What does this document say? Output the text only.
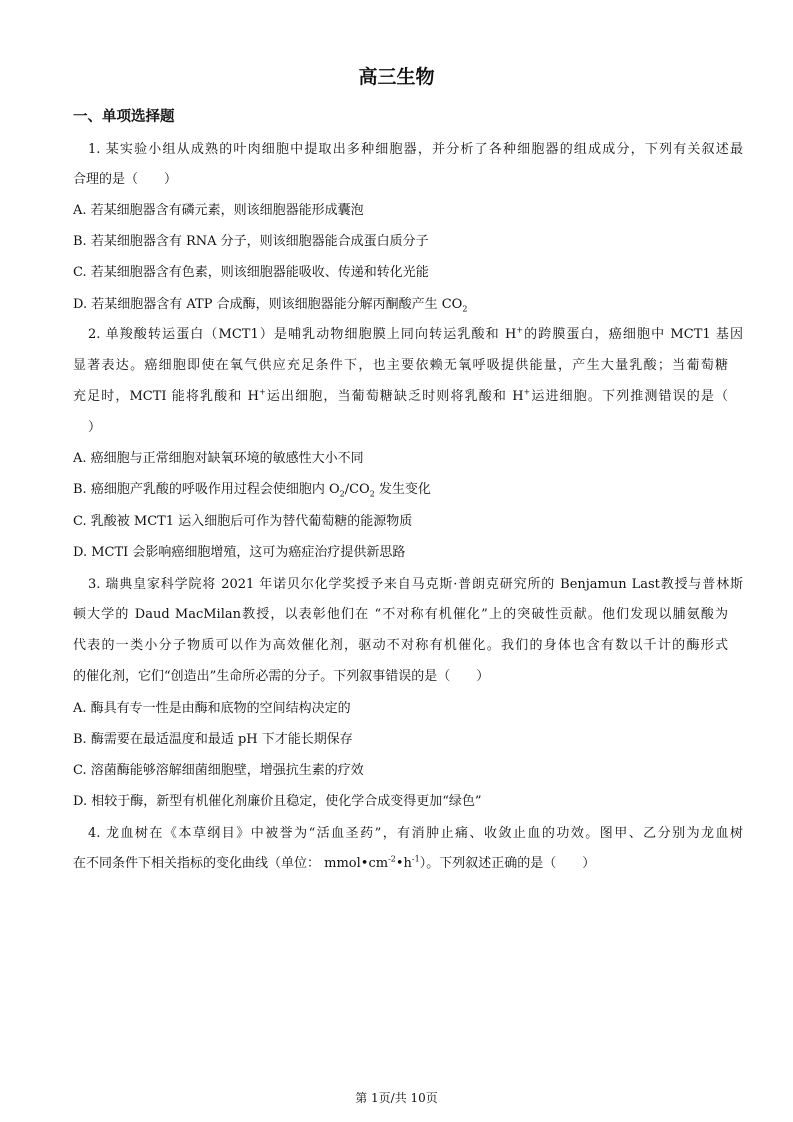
高三生物
一、单项选择题
1. 某实验小组从成熟的叶肉细胞中提取出多种细胞器，并分析了各种细胞器的组成成分，下列有关叙述最
合理的是（　　）
A. 若某细胞器含有磷元素，则该细胞器能形成囊泡
B. 若某细胞器含有 RNA 分子，则该细胞器能合成蛋白质分子
C. 若某细胞器含有色素，则该细胞器能吸收、传递和转化光能
D. 若某细胞器含有 ATP 合成酶，则该细胞器能分解丙酮酸产生 $CO_2$
2. 单羧酸转运蛋白（MCT1）是哺乳动物细胞膜上同向转运乳酸和 H+的跨膜蛋白，癌细胞中 MCT1 基因
显著表达。癌细胞即使在氧气供应充足条件下，也主要依赖无氧呼吸提供能量，产生大量乳酸；当葡萄糖
充足时，MCTI 能将乳酸和 H+运出细胞，当葡萄糖缺乏时则将乳酸和 H+运进细胞。下列推测错误的是（
）
A. 癌细胞与正常细胞对缺氧环境的敏感性大小不同
B. 癌细胞产乳酸的呼吸作用过程会使细胞内 $O_2/CO_2$ 发生变化
C. 乳酸被 MCT1 运入细胞后可作为替代葡萄糖的能源物质
D. MCTI 会影响癌细胞增殖，这可为癌症治疗提供新思路
3. 瑞典皇家科学院将 2021 年诺贝尔化学奖授予来自马克斯·普朗克研究所的 Benjamun Last教授与普林斯
顿大学的 Daud MacMilan教授，以表彰他们在 “不对称有机催化”上的突破性贡献。他们发现以脯氨酸为
代表的一类小分子物质可以作为高效催化剂，驱动不对称有机催化。我们的身体也含有数以千计的酶形式
的催化剂，它们“创造出”生命所必需的分子。下列叙事错误的是（　　）
A. 酶具有专一性是由酶和底物的空间结构决定的
B. 酶需要在最适温度和最适 pH 下才能长期保存
C. 溶菌酶能够溶解细菌细胞壁，增强抗生素的疗效
D. 相较于酶，新型有机催化剂廉价且稳定，使化学合成变得更加“绿色”
4. 龙血树在《本草纲目》中被誉为“活血圣药”，有消肿止痛、收敛止血的功效。图甲、乙分别为龙血树
在不同条件下相关指标的变化曲线（单位： $mmol•cm^{-2}•h^{-1}$）。下列叙述正确的是（　　）
第 1页/共 10页
